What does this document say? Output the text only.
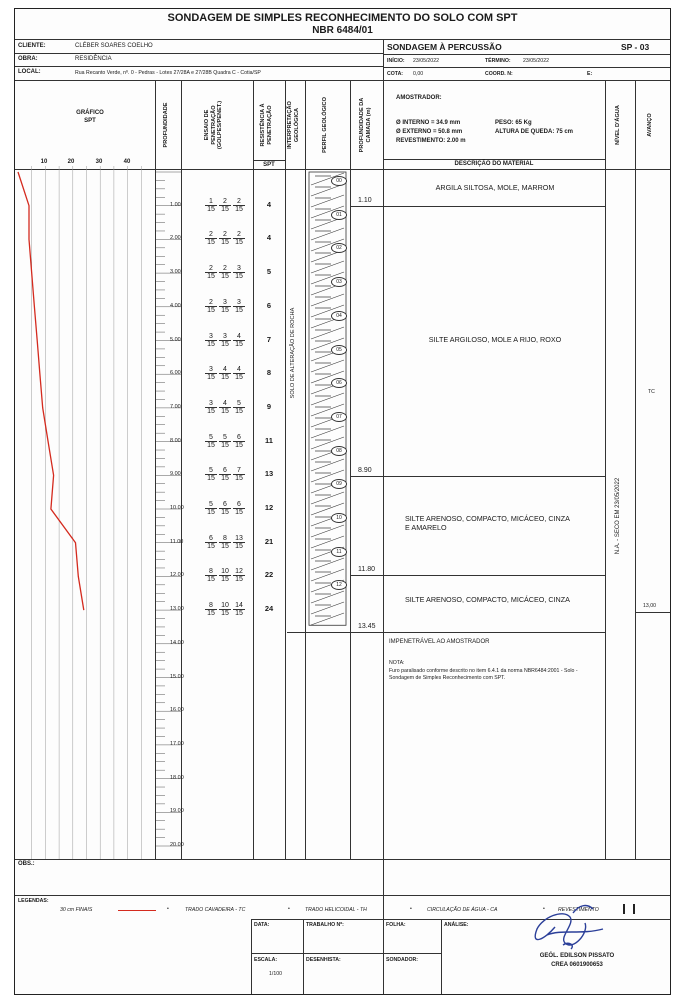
SONDAGEM DE SIMPLES RECONHECIMENTO DO SOLO COM SPT
NBR 6484/01
CLIENTE:	CLÉBER SOARES COELHO
OBRA:	RESIDÊNCIA
LOCAL:	Rua Recanto Verde, nº. 0 - Pedras - Lotes 27/28A e 27/28B Quadra C - Cotia/SP
SONDAGEM À PERCUSSÃO	SP - 03
INÍCIO: 23/05/2022	TÉRMINO: 23/05/2022
COTA: 0,00	COORD. N:	E:
GRÁFICO
SPT
10	20	30	40
PROFUNDIDADE	ENSAIO DE PENETRAÇÃO (GOLPES/PENET.)	RESISTÊNCIA À PENETRAÇÃO
SPT
INTERPRETAÇÃO GEOLÓGICA	PERFIL GEOLÓGICO	PROFUNDIDADE DA CAMADA (m)	NÍVEL D'ÁGUA	AVANÇO
AMOSTRADOR:
Ø INTERNO = 34.9 mm	PESO: 65 Kg
Ø EXTERNO = 50.8 mm	ALTURA DE QUEDA: 75 cm
REVESTIMENTO: 2.00 m
DESCRIÇÃO DO MATERIAL
1.00
2.00
3.00
4.00
5.00
6.00
7.00
8.00
9.00
10.00
11.00
12.00
13.00
14.00
15.00
16.00
17.00
18.00
19.00
20.00
$\frac{1}{15} \frac{2}{15} \frac{2}{15}$	4
$\frac{2}{15} \frac{2}{15} \frac{2}{15}$	4
$\frac{2}{15} \frac{2}{15} \frac{3}{15}$	5
$\frac{2}{15} \frac{3}{15} \frac{3}{15}$	6
$\frac{3}{15} \frac{3}{15} \frac{4}{15}$	7
$\frac{3}{15} \frac{4}{15} \frac{4}{15}$	8
$\frac{3}{15} \frac{4}{15} \frac{5}{15}$	9
$\frac{5}{15} \frac{5}{15} \frac{6}{15}$	11
$\frac{5}{15} \frac{6}{15} \frac{7}{15}$	13
$\frac{5}{15} \frac{6}{15} \frac{6}{15}$	12
$\frac{6}{15} \frac{8}{15} \frac{13}{15}$	21
$\frac{8}{15} \frac{10}{15} \frac{12}{15}$	22
$\frac{8}{15} \frac{10}{15} \frac{14}{15}$	24
00
01
02
03
04
05
06
07
08
09
10
11
12
SOLO DE ALTERAÇÃO DE ROCHA
N.A. - SECO EM 23/05/2022
TC
13,00
1.10
ARGILA SILTOSA, MOLE, MARROM
8.90
SILTE ARGILOSO, MOLE A RIJO, ROXO
11.80
SILTE ARENOSO, COMPACTO, MICÁCEO, CINZA E AMARELO
13.45
SILTE ARENOSO, COMPACTO, MICÁCEO, CINZA
IMPENETRÁVEL AO AMOSTRADOR
NOTA:
Furo paralisado conforme descrito no item 6.4.1 da norma NBR6484:2001 - Solo - Sondagem de Simples Reconhecimento com SPT.
OBS.:
LEGENDAS:
30 cm FINAIS	•	TRADO CAVADEIRA - TC	•	TRADO HELICOIDAL - TH	•	CIRCULAÇÃO DE ÁGUA - CA	•	REVESTIMENTO
DATA:	TRABALHO Nº:	FOLHA:	ANÁLISE:
ESCALA:
1/100
DESENHISTA:	SONDADOR:
GEÓL. EDILSON PISSATO
CREA 0601900653
